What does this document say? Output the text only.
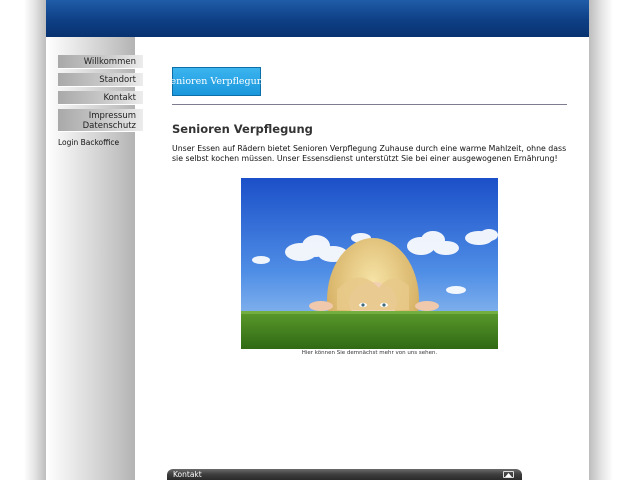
Willkommen
Standort
Kontakt
Impressum
Datenschutz
Login Backoffice
Senioren Verpflegung
Senioren Verpflegung

Unser Essen auf Rädern bietet Senioren Verpflegung Zuhause durch eine warme Mahlzeit, ohne dass sie selbst kochen müssen. Unser Essensdienst unterstützt Sie bei einer ausgewogenen Ernährung!

Hier können Sie demnächst mehr von uns sehen.
Kontakt
